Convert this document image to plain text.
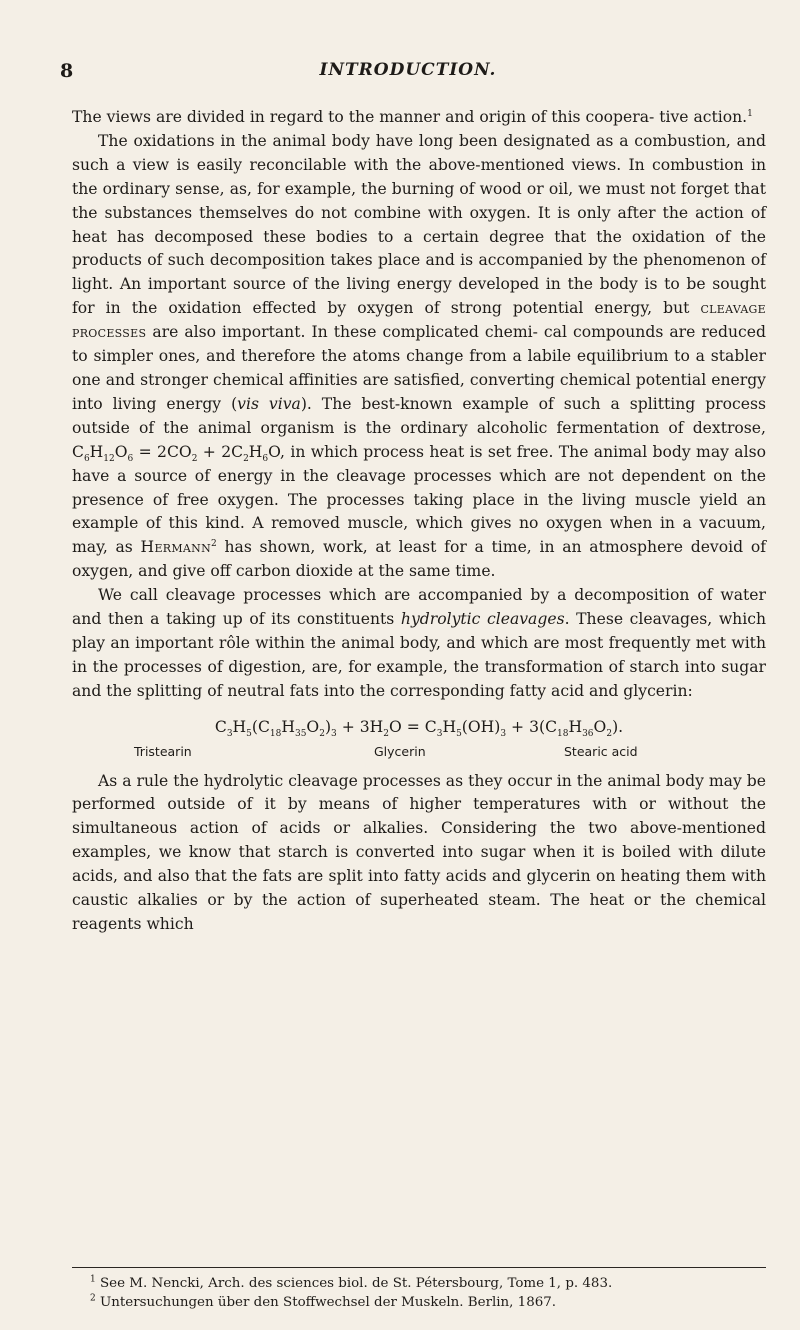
8	INTRODUCTION.

The views are divided in regard to the manner and origin of this coopera- tive action.$^1$

The oxidations in the animal body have long been designated as a combustion, and such a view is easily reconcilable with the above-mentioned views. In combustion in the ordinary sense, as, for example, the burning of wood or oil, we must not forget that the substances themselves do not combine with oxygen. It is only after the action of heat has decomposed these bodies to a certain degree that the oxidation of the products of such decomposition takes place and is accompanied by the phenomenon of light. An important source of the living energy developed in the body is to be sought for in the oxidation effected by oxygen of strong potential energy, but cleavage processes are also important. In these complicated chemi- cal compounds are reduced to simpler ones, and therefore the atoms change from a labile equilibrium to a stabler one and stronger chemical affinities are satisfied, converting chemical potential energy into living energy (vis viva). The best-known example of such a splitting process outside of the animal organism is the ordinary alcoholic fermentation of dextrose, $C_6H_{12}O_6 = 2CO_2 + 2C_2H_6O$, in which process heat is set free. The animal body may also have a source of energy in the cleavage processes which are not dependent on the presence of free oxygen. The processes taking place in the living muscle yield an example of this kind. A removed muscle, which gives no oxygen when in a vacuum, may, as Hermann$^2$ has shown, work, at least for a time, in an atmosphere devoid of oxygen, and give off carbon dioxide at the same time.

We call cleavage processes which are accompanied by a decomposition of water and then a taking up of its constituents hydrolytic cleavages. These cleavages, which play an important rôle within the animal body, and which are most frequently met with in the processes of digestion, are, for example, the transformation of starch into sugar and the splitting of neutral fats into the corresponding fatty acid and glycerin:

$C_3H_5(C_{18}H_{35}O_2)_3 + 3H_2O = C_3H_5(OH)_3 + 3(C_{18}H_{36}O_2)$.
Tristearin	Glycerin	Stearic acid

As a rule the hydrolytic cleavage processes as they occur in the animal body may be performed outside of it by means of higher temperatures with or without the simultaneous action of acids or alkalies. Considering the two above-mentioned examples, we know that starch is converted into sugar when it is boiled with dilute acids, and also that the fats are split into fatty acids and glycerin on heating them with caustic alkalies or by the action of superheated steam. The heat or the chemical reagents which

$^1$ See M. Nencki, Arch. des sciences biol. de St. Pétersbourg, Tome 1, p. 483.
$^2$ Untersuchungen über den Stoffwechsel der Muskeln. Berlin, 1867.
